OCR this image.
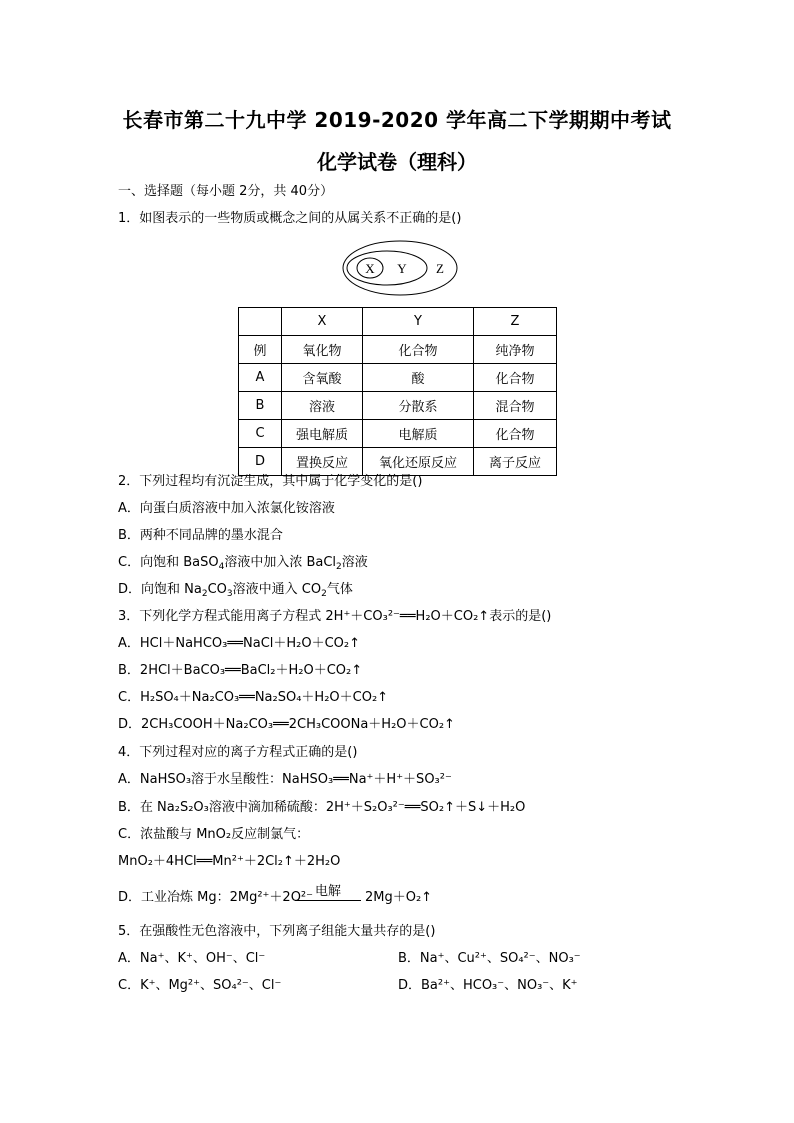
长春市第二十九中学 2019-2020 学年高二下学期期中考试
化学试卷（理科）
一、选择题（每小题 2分，共 40分）
1．如图表示的一些物质或概念之间的从属关系不正确的是()
X Y Z
	X	Y	Z
例	氧化物	化合物	纯净物
A	含氧酸	酸	化合物
B	溶液	分散系	混合物
C	强电解质	电解质	化合物
D	置换反应	氧化还原反应	离子反应
2．下列过程均有沉淀生成，其中属于化学变化的是()
A．向蛋白质溶液中加入浓氯化铵溶液
B．两种不同品牌的墨水混合
C．向饱和 BaSO$_4$溶液中加入浓 BaCl$_2$溶液
D．向饱和 $Na_2CO_3$溶液中通入 $CO_2$气体
3．下列化学方程式能用离子方程式 2H⁺＋CO₃²⁻══H₂O＋CO₂↑表示的是()
A．HCl＋NaHCO₃══NaCl＋H₂O＋CO₂↑
B．2HCl＋BaCO₃══BaCl₂＋H₂O＋CO₂↑
C．H₂SO₄＋Na₂CO₃══Na₂SO₄＋H₂O＋CO₂↑
D．2CH₃COOH＋Na₂CO₃══2CH₃COONa＋H₂O＋CO₂↑
4．下列过程对应的离子方程式正确的是()
A．NaHSO₃溶于水呈酸性：NaHSO₃══Na⁺＋H⁺＋SO₃²⁻
B．在 Na₂S₂O₃溶液中滴加稀硫酸：2H⁺＋S₂O₃²⁻══SO₂↑＋S↓＋H₂O
C．浓盐酸与 MnO₂反应制氯气：
MnO₂＋4HCl══Mn²⁺＋2Cl₂↑＋2H₂O
D．工业冶炼 Mg：2Mg²⁺＋2O²⁻ 电解	2Mg＋O₂↑
5．在强酸性无色溶液中，下列离子组能大量共存的是()
A．Na⁺、K⁺、OH⁻、Cl⁻	B．Na⁺、Cu²⁺、SO₄²⁻、NO₃⁻
C．K⁺、Mg²⁺、SO₄²⁻、Cl⁻	D．Ba²⁺、HCO₃⁻、NO₃⁻、K⁺
